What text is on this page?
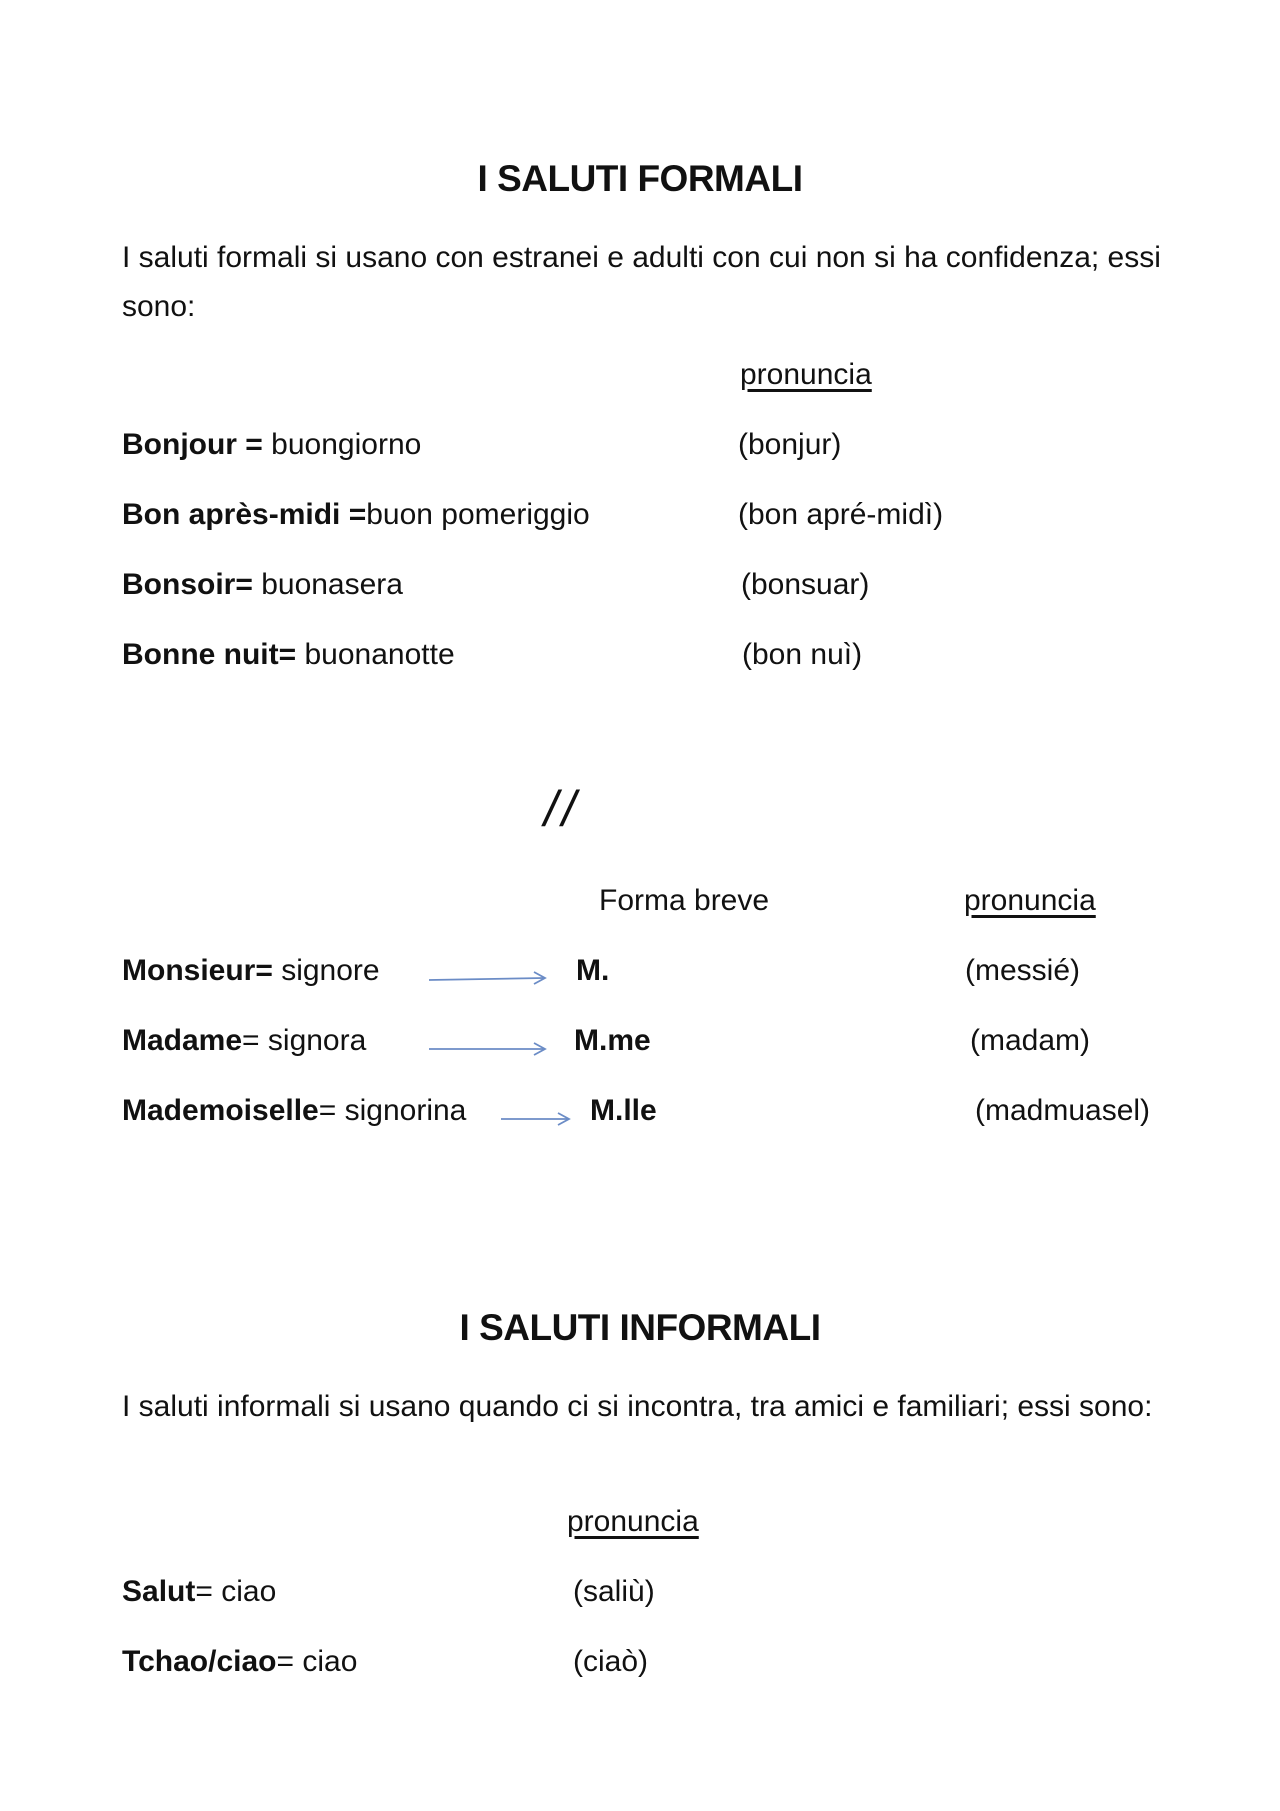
I SALUTI FORMALI
I saluti formali si usano con estranei e adulti con cui non si ha confidenza; essi sono:
pronuncia
Bonjour = buongiorno	(bonjur)
Bon après-midi =buon pomeriggio	(bon apré-midì)
Bonsoir= buonasera	(bonsuar)
Bonne nuit= buonanotte	(bon nuì)
//
Forma breve	pronuncia
Monsieur= signore	M.	(messié)
Madame= signora	M.me	(madam)
Mademoiselle= signorina	M.lle	(madmuasel)
I SALUTI INFORMALI
I saluti informali si usano quando ci si incontra, tra amici e familiari; essi sono:
pronuncia
Salut= ciao	(saliù)
Tchao/ciao= ciao	(ciaò)
